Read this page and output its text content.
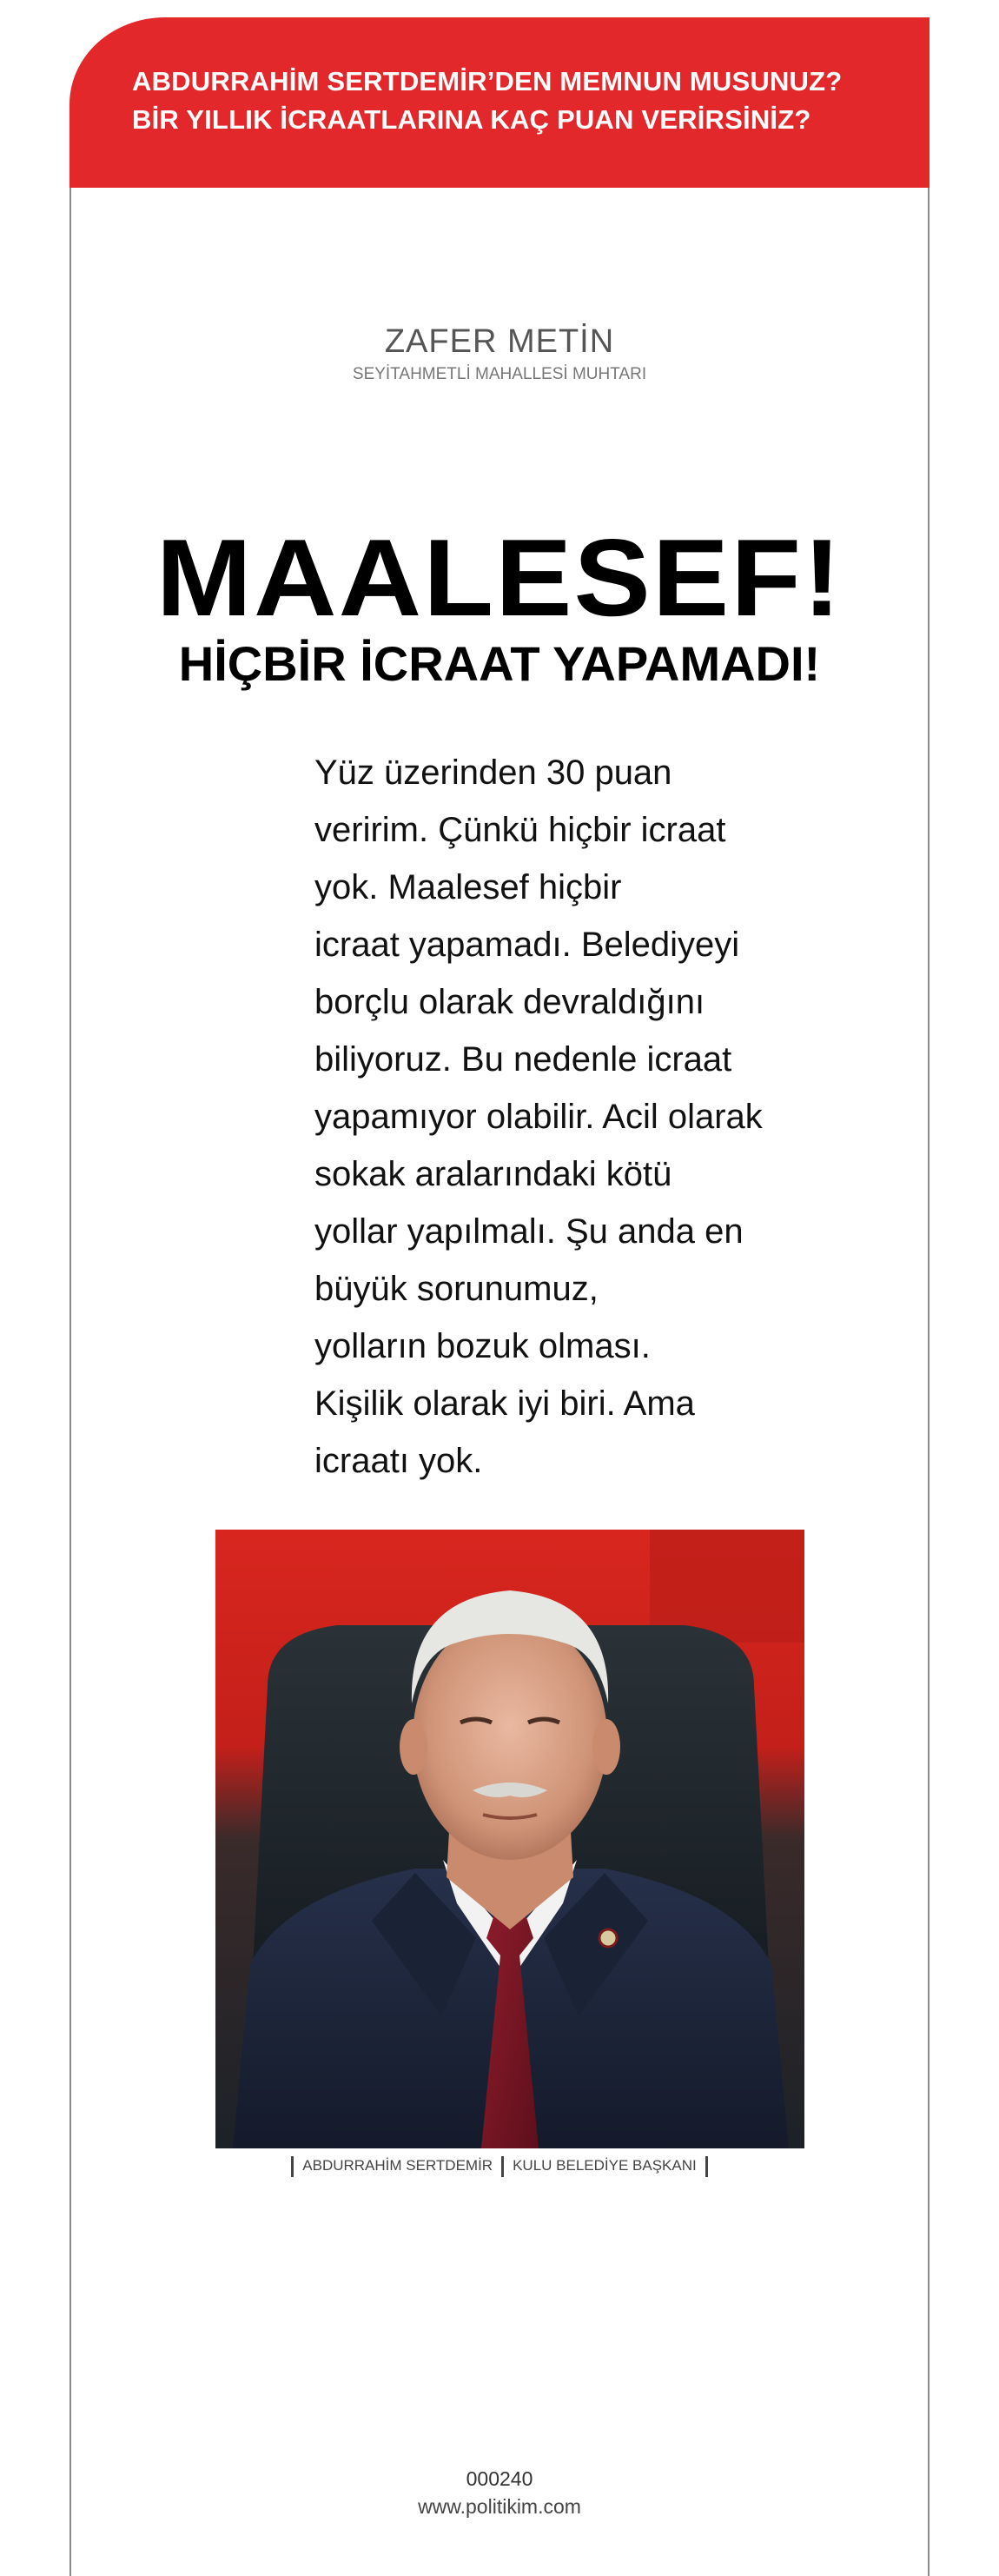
ABDURRAHİM SERTDEMİR’DEN MEMNUN MUSUNUZ?
BİR YILLIK İCRAATLARINA KAÇ PUAN VERİRSİNİZ?
ZAFER METİN
SEYİTAHMETLİ MAHALLESİ MUHTARI
MAALESEF!
HİÇBİR İCRAAT YAPAMADI!
Yüz üzerinden 30 puan
veririm. Çünkü hiçbir icraat
yok. Maalesef hiçbir
icraat yapamadı. Belediyeyi
borçlu olarak devraldığını
biliyoruz. Bu nedenle icraat
yapamıyor olabilir. Acil olarak
sokak aralarındaki kötü
yollar yapılmalı. Şu anda en
büyük sorunumuz,
yolların bozuk olması.
Kişilik olarak iyi biri. Ama
icraatı yok.
ABDURRAHİM SERTDEMİR KULU BELEDİYE BAŞKANI
000240
www.politikim.com
